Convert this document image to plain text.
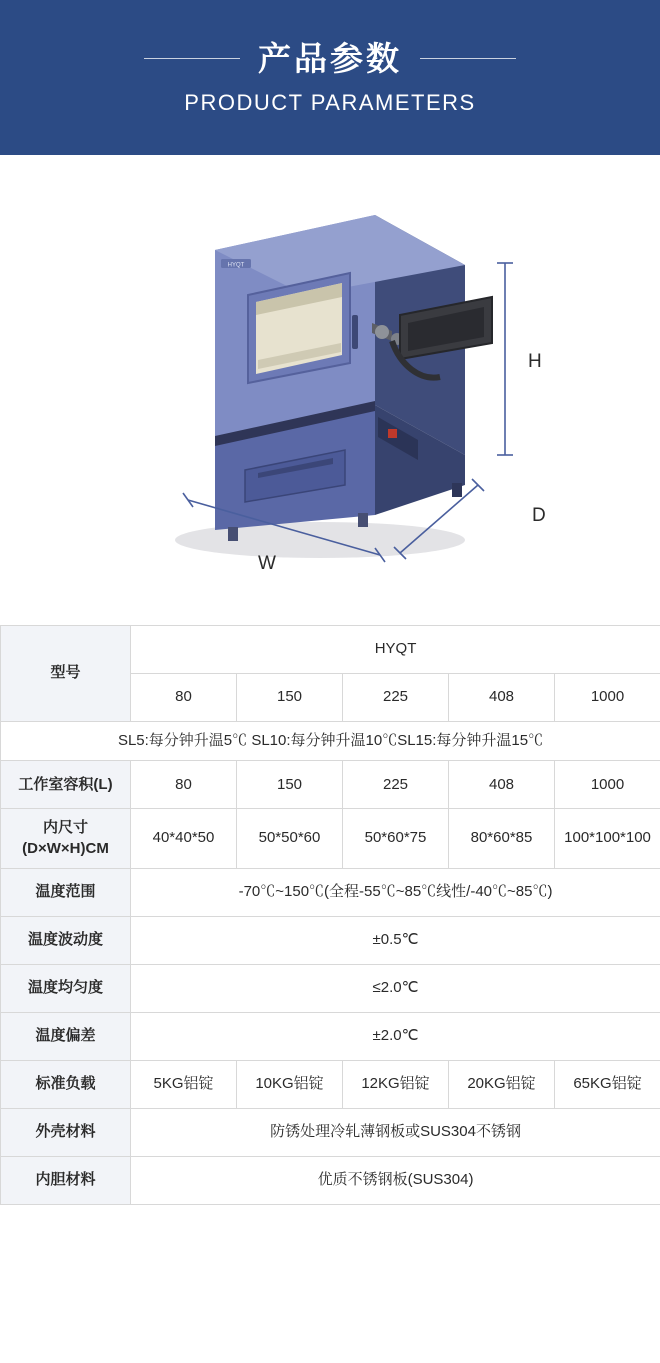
产品参数
PRODUCT PARAMETERS
HYQT
H
W
D
型号	HYQT				
	80	150	225	408	1000
SL5:每分钟升温5℃ SL10:每分钟升温10℃SL15:每分钟升温15℃					
工作室容积(L)	80	150	225	408	1000

内尺寸
(D×W×H)CM	40*40*50	50*50*60	50*60*75	80*60*85	100*100*100
温度范围	-70℃~150℃(全程-55℃~85℃线性/-40℃~85℃)				
温度波动度	±0.5℃				
温度均匀度	≤2.0℃				
温度偏差	±2.0℃				
标准负载	5KG铝锭	10KG铝锭	12KG铝锭	20KG铝锭	65KG铝锭
外壳材料	防锈处理冷轧薄钢板或SUS304不锈钢				
内胆材料	优质不锈钢板(SUS304)				
